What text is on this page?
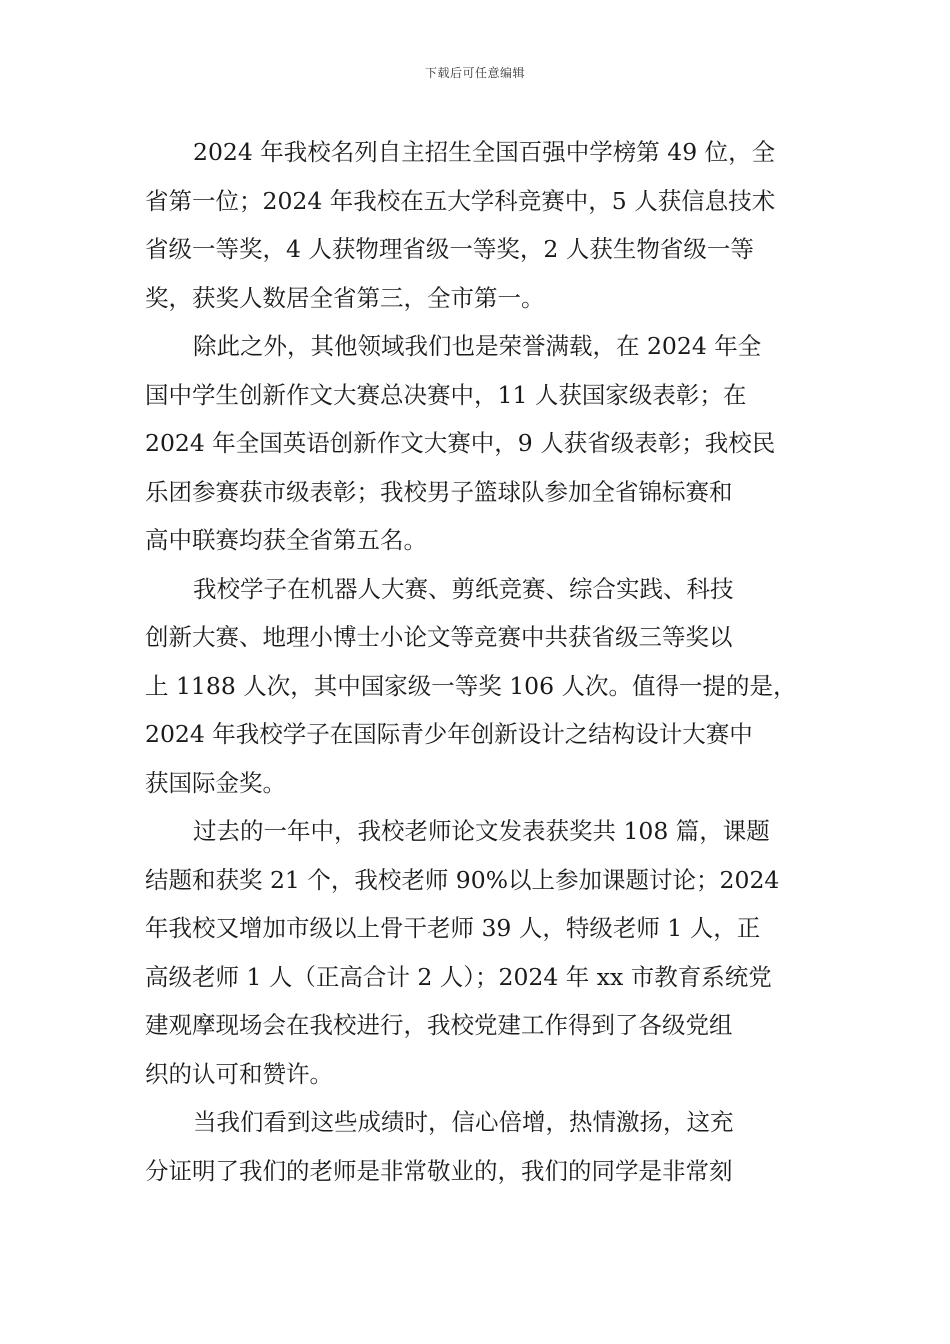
下载后可任意编辑

2024 年我校名列自主招生全国百强中学榜第 49 位，全
省第一位；2024 年我校在五大学科竞赛中，5 人获信息技术
省级一等奖，4 人获物理省级一等奖，2 人获生物省级一等
奖，获奖人数居全省第三，全市第一。

除此之外，其他领域我们也是荣誉满载，在 2024 年全
国中学生创新作文大赛总决赛中，11 人获国家级表彰；在
2024 年全国英语创新作文大赛中，9 人获省级表彰；我校民
乐团参赛获市级表彰；我校男子篮球队参加全省锦标赛和
高中联赛均获全省第五名。

我校学子在机器人大赛、剪纸竞赛、综合实践、科技
创新大赛、地理小博士小论文等竞赛中共获省级三等奖以
上 1188 人次，其中国家级一等奖 106 人次。值得一提的是，
2024 年我校学子在国际青少年创新设计之结构设计大赛中
获国际金奖。

过去的一年中，我校老师论文发表获奖共 108 篇，课题
结题和获奖 21 个，我校老师 90%以上参加课题讨论；2024
年我校又增加市级以上骨干老师 39 人，特级老师 1 人，正
高级老师 1 人（正高合计 2 人）；2024 年 xx 市教育系统党
建观摩现场会在我校进行，我校党建工作得到了各级党组
织的认可和赞许。

当我们看到这些成绩时，信心倍增，热情激扬，这充
分证明了我们的老师是非常敬业的，我们的同学是非常刻
